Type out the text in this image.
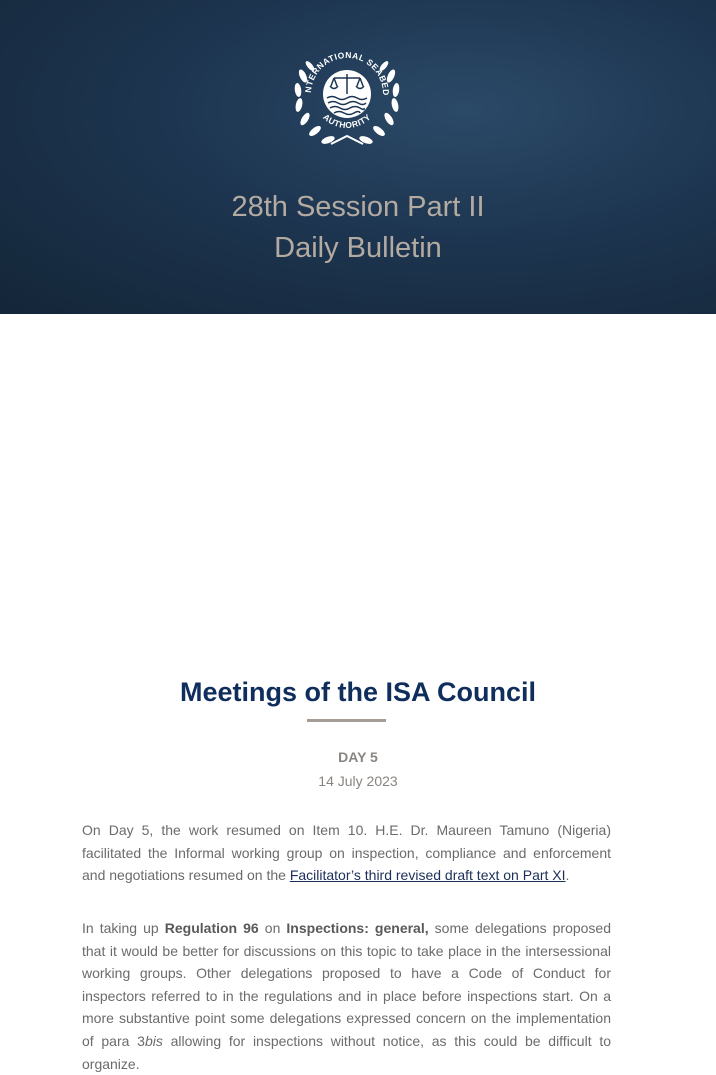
NTERNATIONAL SEABED
AUTHORITY
28th Session Part II
Daily Bulletin
Meetings of the ISA Council
DAY 5
14 July 2023

On Day 5, the work resumed on Item 10. H.E. Dr. Maureen Tamuno (Nigeria) facilitated the Informal working group on inspection, compliance and enforcement and negotiations resumed on the Facilitator’s third revised draft text on Part XI.

In taking up Regulation 96 on Inspections: general, some delegations proposed that it would be better for discussions on this topic to take place in the intersessional working groups. Other delegations proposed to have a Code of Conduct for inspectors referred to in the regulations and in place before inspections start. On a more substantive point some delegations expressed concern on the implementation of para 3bis allowing for inspections without notice, as this could be difficult to organize.
